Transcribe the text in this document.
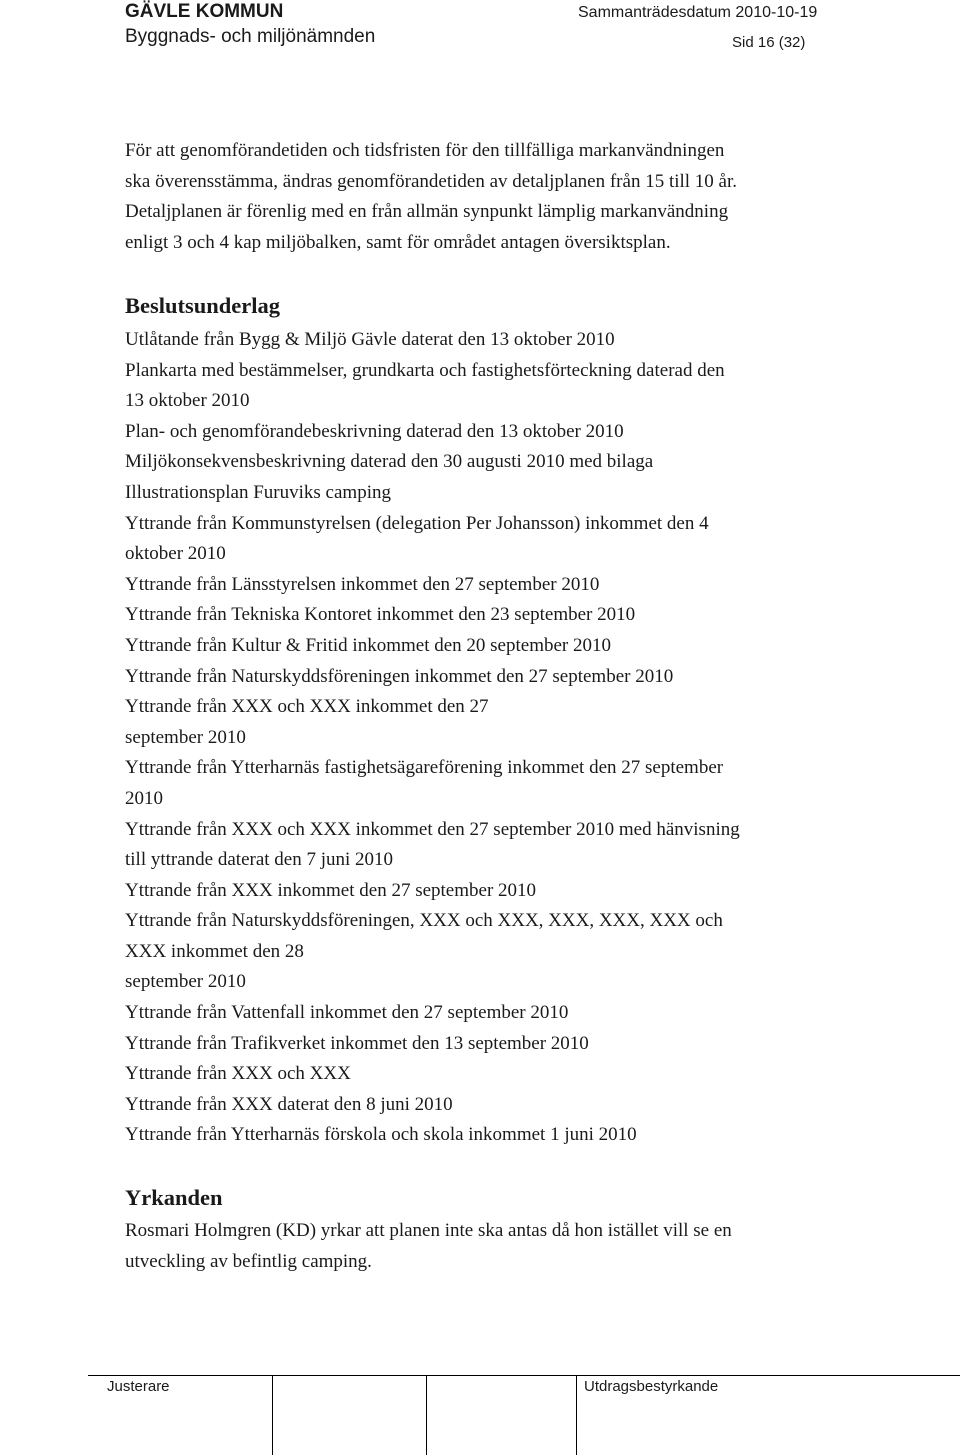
GÄVLE KOMMUN
Byggnads- och miljönämnden
Sammanträdesdatum 2010-10-19
Sid 16 (32)
För att genomförandetiden och tidsfristen för den tillfälliga markanvändningen
ska överensstämma, ändras genomförandetiden av detaljplanen från 15 till 10 år.
Detaljplanen är förenlig med en från allmän synpunkt lämplig markanvändning
enligt 3 och 4 kap miljöbalken, samt för området antagen översiktsplan.
Beslutsunderlag
Utlåtande från Bygg & Miljö Gävle daterat den 13 oktober 2010
Plankarta med bestämmelser, grundkarta och fastighetsförteckning daterad den
13 oktober 2010
Plan- och genomförandebeskrivning daterad den 13 oktober 2010
Miljökonsekvensbeskrivning daterad den 30 augusti 2010 med bilaga
Illustrationsplan Furuviks camping
Yttrande från Kommunstyrelsen (delegation Per Johansson) inkommet den 4
oktober 2010
Yttrande från Länsstyrelsen inkommet den 27 september 2010
Yttrande från Tekniska Kontoret inkommet den 23 september 2010
Yttrande från Kultur & Fritid inkommet den 20 september 2010
Yttrande från Naturskyddsföreningen inkommet den 27 september 2010
Yttrande från XXX och XXX inkommet den 27
september 2010
Yttrande från Ytterharnäs fastighetsägareförening inkommet den 27 september
2010
Yttrande från XXX och XXX inkommet den 27 september 2010 med hänvisning
till yttrande daterat den 7 juni 2010
Yttrande från XXX inkommet den 27 september 2010
Yttrande från Naturskyddsföreningen, XXX och XXX, XXX, XXX, XXX och
XXX inkommet den 28
september 2010
Yttrande från Vattenfall inkommet den 27 september 2010
Yttrande från Trafikverket inkommet den 13 september 2010
Yttrande från XXX och XXX
Yttrande från XXX daterat den 8 juni 2010
Yttrande från Ytterharnäs förskola och skola inkommet 1 juni 2010
Yrkanden
Rosmari Holmgren (KD) yrkar att planen inte ska antas då hon istället vill se en
utveckling av befintlig camping.
Justerare	Utdragsbestyrkande
